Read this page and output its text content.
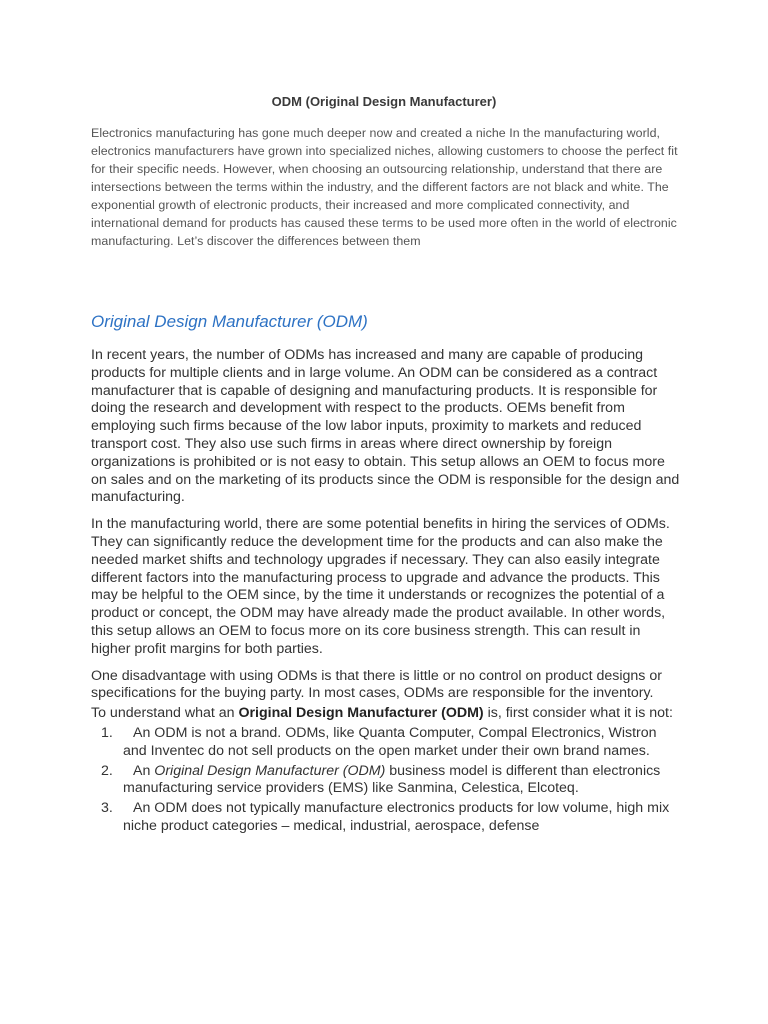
ODM (Original Design Manufacturer)

Electronics manufacturing has gone much deeper now and created a niche In the manufacturing world, electronics manufacturers have grown into specialized niches, allowing customers to choose the perfect fit for their specific needs. However, when choosing an outsourcing relationship, understand that there are intersections between the terms within the industry, and the different factors are not black and white. The exponential growth of electronic products, their increased and more complicated connectivity, and international demand for products has caused these terms to be used more often in the world of electronic manufacturing. Let’s discover the differences between them

Original Design Manufacturer (ODM)

In recent years, the number of ODMs has increased and many are capable of producing products for multiple clients and in large volume. An ODM can be considered as a contract manufacturer that is capable of designing and manufacturing products. It is responsible for doing the research and development with respect to the products. OEMs benefit from employing such firms because of the low labor inputs, proximity to markets and reduced transport cost. They also use such firms in areas where direct ownership by foreign organizations is prohibited or is not easy to obtain. This setup allows an OEM to focus more on sales and on the marketing of its products since the ODM is responsible for the design and manufacturing.

In the manufacturing world, there are some potential benefits in hiring the services of ODMs. They can significantly reduce the development time for the products and can also make the needed market shifts and technology upgrades if necessary. They can also easily integrate different factors into the manufacturing process to upgrade and advance the products. This may be helpful to the OEM since, by the time it understands or recognizes the potential of a product or concept, the ODM may have already made the product available. In other words, this setup allows an OEM to focus more on its core business strength. This can result in higher profit margins for both parties.

One disadvantage with using ODMs is that there is little or no control on product designs or specifications for the buying party. In most cases, ODMs are responsible for the inventory.

To understand what an Original Design Manufacturer (ODM) is, first consider what it is not:

1. An ODM is not a brand. ODMs, like Quanta Computer, Compal Electronics, Wistron and Inventec do not sell products on the open market under their own brand names.
2. An Original Design Manufacturer (ODM) business model is different than electronics manufacturing service providers (EMS) like Sanmina, Celestica, Elcoteq.
3. An ODM does not typically manufacture electronics products for low volume, high mix niche product categories – medical, industrial, aerospace, defense
